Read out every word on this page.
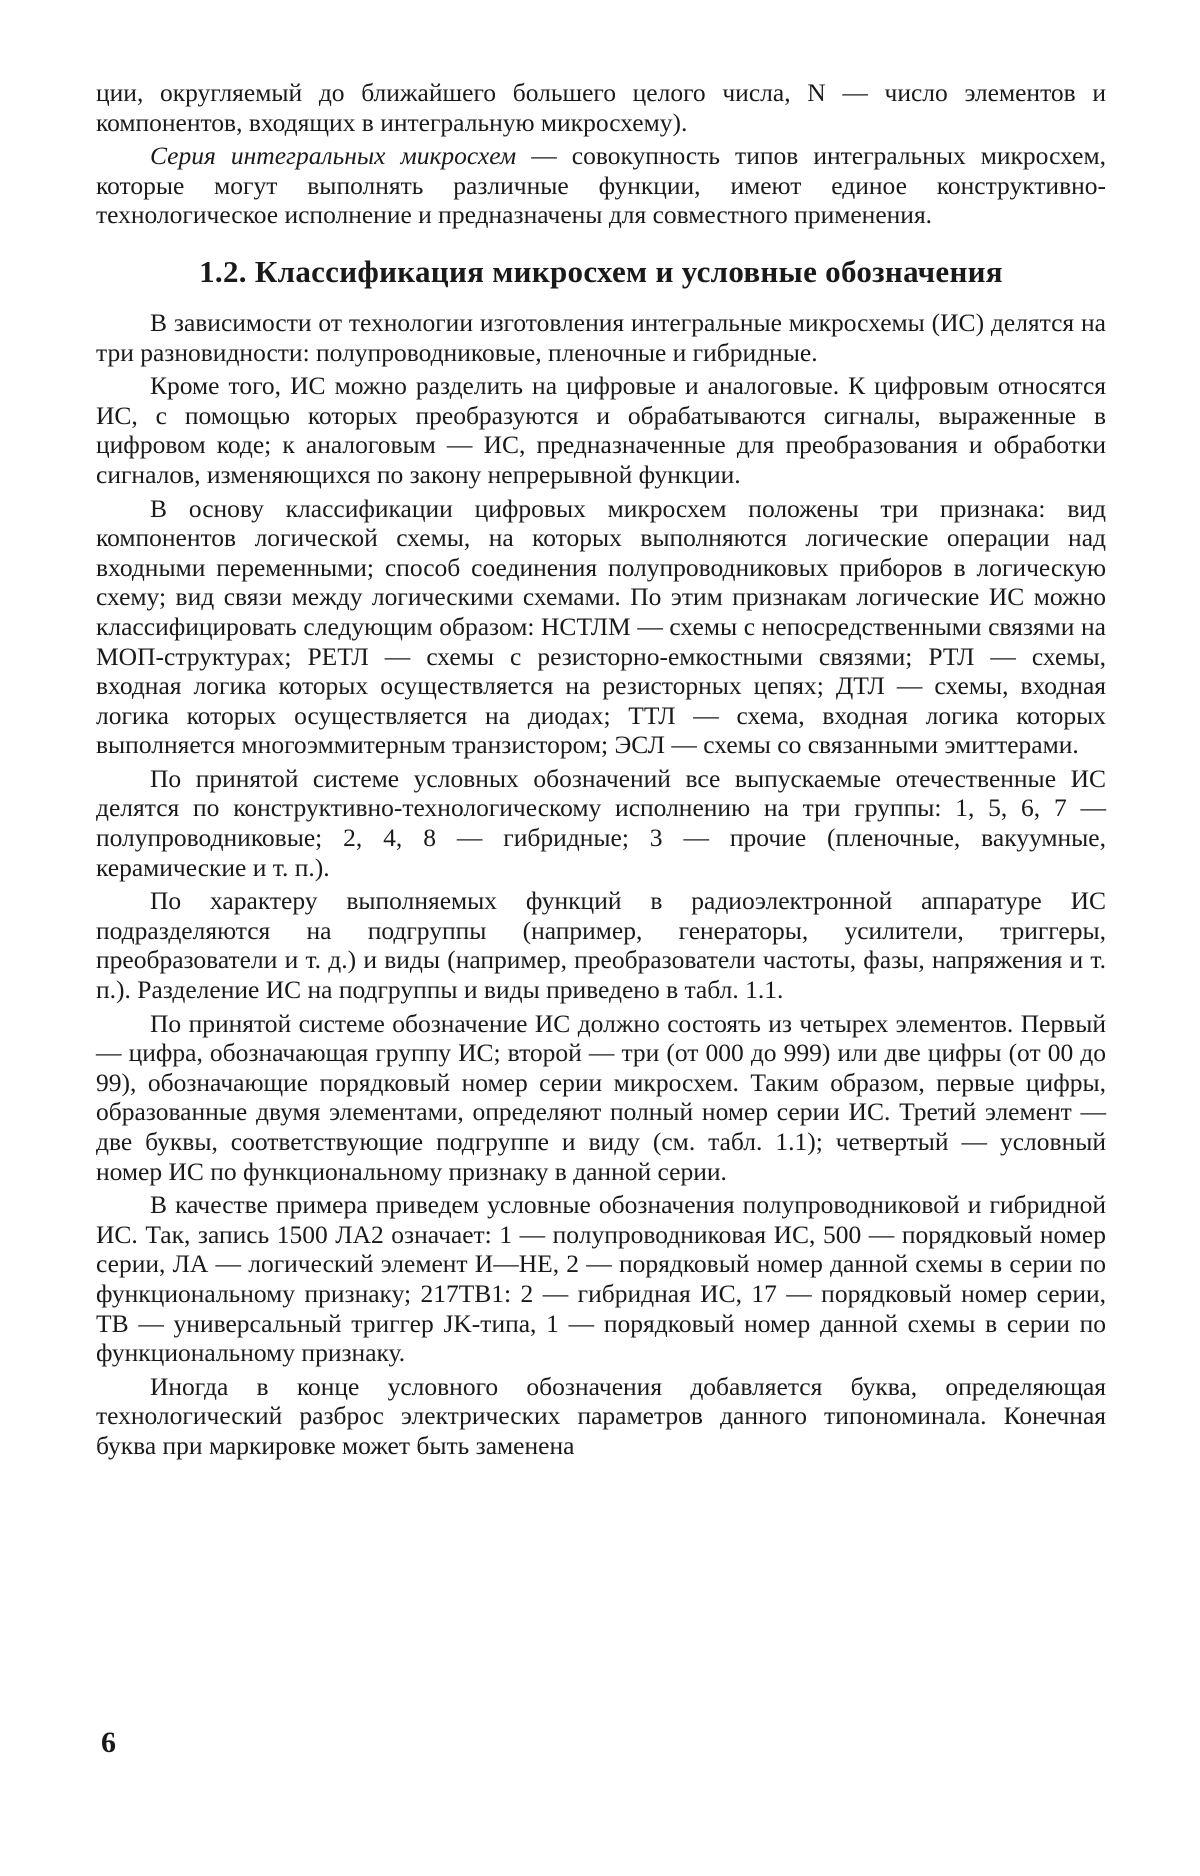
ции, округляемый до ближайшего большего целого числа, N — число элементов и компонентов, входящих в интегральную микросхему).

Серия интегральных микросхем — совокупность типов интегральных микросхем, которые могут выполнять различные функции, имеют единое конструктивно-технологическое исполнение и предназначены для совместного применения.

1.2. Классификация микросхем и условные обозначения

В зависимости от технологии изготовления интегральные микросхемы (ИС) делятся на три разновидности: полупроводниковые, пленочные и гибридные.

Кроме того, ИС можно разделить на цифровые и аналоговые. К цифровым относятся ИС, с помощью которых преобразуются и обрабатываются сигналы, выраженные в цифровом коде; к аналоговым — ИС, предназначенные для преобразования и обработки сигналов, изменяющихся по закону непрерывной функции.

В основу классификации цифровых микросхем положены три признака: вид компонентов логической схемы, на которых выполняются логические операции над входными переменными; способ соединения полупроводниковых приборов в логическую схему; вид связи между логическими схемами. По этим признакам логические ИС можно классифицировать следующим образом: НСТЛМ — схемы с непосредственными связями на МОП-структурах; РЕТЛ — схемы с резисторно-емкостными связями; РТЛ — схемы, входная логика которых осуществляется на резисторных цепях; ДТЛ — схемы, входная логика которых осуществляется на диодах; ТТЛ — схема, входная логика которых выполняется многоэммитерным транзистором; ЭСЛ — схемы со связанными эмиттерами.

По принятой системе условных обозначений все выпускаемые отечественные ИС делятся по конструктивно-технологическому исполнению на три группы: 1, 5, 6, 7 — полупроводниковые; 2, 4, 8 — гибридные; 3 — прочие (пленочные, вакуумные, керамические и т. п.).

По характеру выполняемых функций в радиоэлектронной аппаратуре ИС подразделяются на подгруппы (например, генераторы, усилители, триггеры, преобразователи и т. д.) и виды (например, преобразователи частоты, фазы, напряжения и т. п.). Разделение ИС на подгруппы и виды приведено в табл. 1.1.

По принятой системе обозначение ИС должно состоять из четырех элементов. Первый — цифра, обозначающая группу ИС; второй — три (от 000 до 999) или две цифры (от 00 до 99), обозначающие порядковый номер серии микросхем. Таким образом, первые цифры, образованные двумя элементами, определяют полный номер серии ИС. Третий элемент — две буквы, соответствующие подгруппе и виду (см. табл. 1.1); четвертый — условный номер ИС по функциональному признаку в данной серии.

В качестве примера приведем условные обозначения полупроводниковой и гибридной ИС. Так, запись 1500 ЛА2 означает: 1 — полупроводниковая ИС, 500 — порядковый номер серии, ЛА — логический элемент И—НЕ, 2 — порядковый номер данной схемы в серии по функциональному признаку; 217ТВ1: 2 — гибридная ИС, 17 — порядковый номер серии, ТВ — универсальный триггер JK-типа, 1 — порядковый номер данной схемы в серии по функциональному признаку.

Иногда в конце условного обозначения добавляется буква, определяющая технологический разброс электрических параметров данного типономинала. Конечная буква при маркировке может быть заменена

6
